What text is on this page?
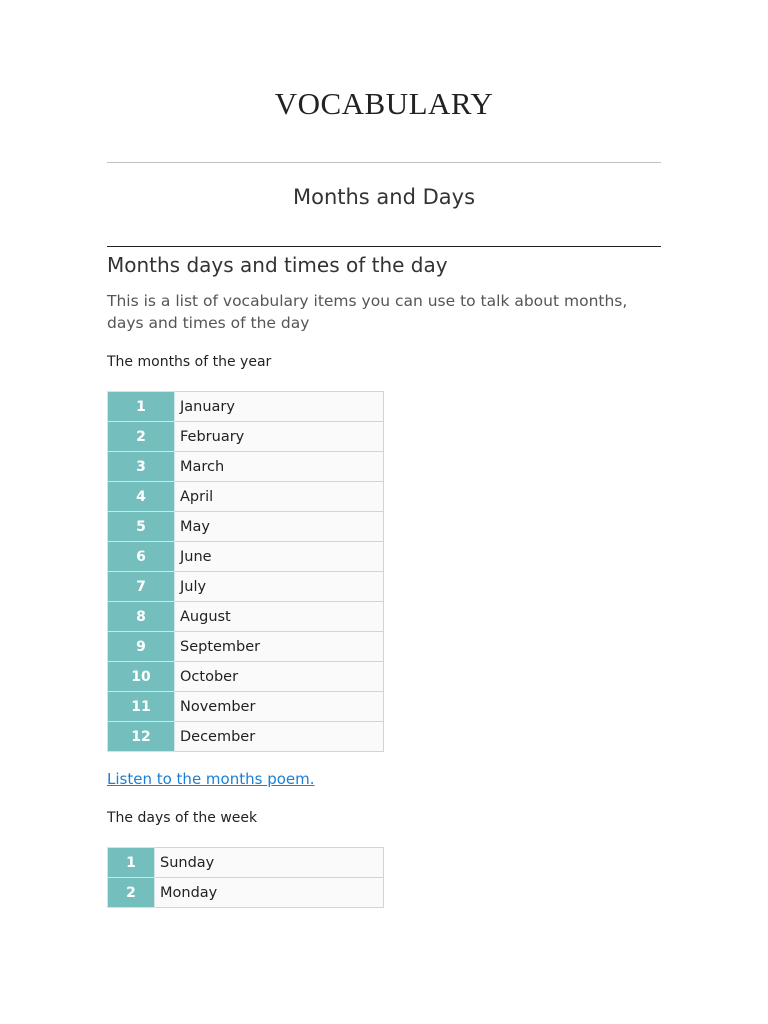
VOCABULARY
Months and Days
Months days and times of the day
This is a list of vocabulary items you can use to talk about months, days and times of the day
The months of the year
1	January
2	February
3	March
4	April
5	May
6	June
7	July
8	August
9	September
10	October
11	November
12	December
Listen to the months poem.
The days of the week
1	Sunday
2	Monday
